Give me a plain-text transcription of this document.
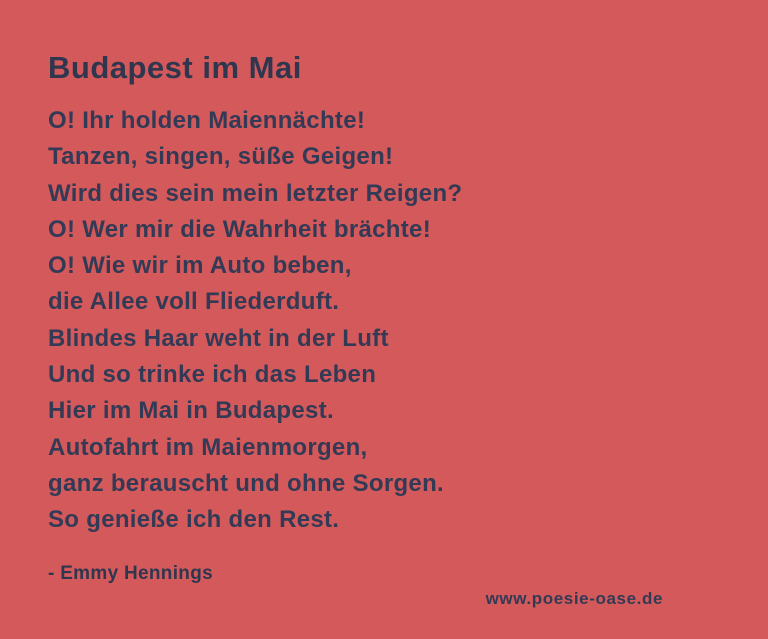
Budapest im Mai

O! Ihr holden Maiennächte!

Tanzen, singen, süße Geigen!

Wird dies sein mein letzter Reigen?

O! Wer mir die Wahrheit brächte!

O! Wie wir im Auto beben,

die Allee voll Fliederduft.

Blindes Haar weht in der Luft

Und so trinke ich das Leben

Hier im Mai in Budapest.

Autofahrt im Maienmorgen,

ganz berauscht und ohne Sorgen.

So genieße ich den Rest.

- Emmy Hennings

www.poesie-oase.de
